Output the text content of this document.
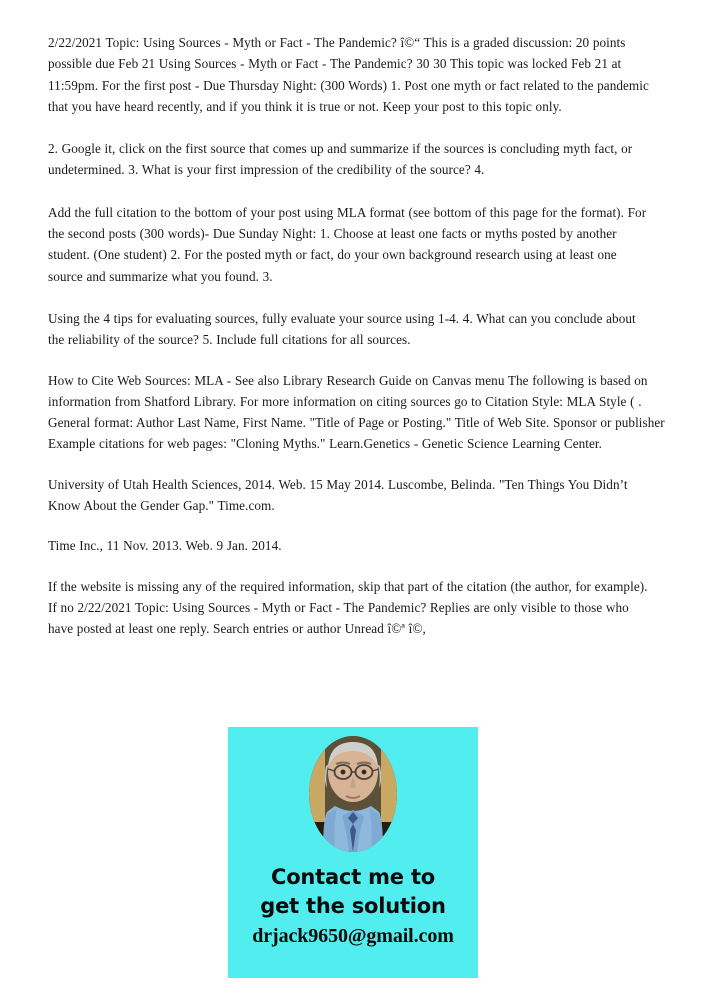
2/22/2021 Topic: Using Sources - Myth or Fact - The Pandemic? î©“ This is a graded discussion: 20 points possible due Feb 21 Using Sources - Myth or Fact - The Pandemic? 30 30 This topic was locked Feb 21 at 11:59pm. For the first post - Due Thursday Night: (300 Words) 1. Post one myth or fact related to the pandemic that you have heard recently, and if you think it is true or not. Keep your post to this topic only.

2. Google it, click on the first source that comes up and summarize if the sources is concluding myth fact, or undetermined. 3. What is your first impression of the credibility of the source? 4.

Add the full citation to the bottom of your post using MLA format (see bottom of this page for the format). For the second posts (300 words)- Due Sunday Night: 1. Choose at least one facts or myths posted by another student. (One student) 2. For the posted myth or fact, do your own background research using at least one source and summarize what you found. 3.

Using the 4 tips for evaluating sources, fully evaluate your source using 1-4. 4. What can you conclude about the reliability of the source? 5. Include full citations for all sources.

How to Cite Web Sources: MLA - See also Library Research Guide on Canvas menu The following is based on information from Shatford Library. For more information on citing sources go to Citation Style: MLA Style ( . General format: Author Last Name, First Name. "Title of Page or Posting." Title of Web Site. Sponsor or publisher Example citations for web pages: "Cloning Myths." Learn.Genetics - Genetic Science Learning Center.

University of Utah Health Sciences, 2014. Web. 15 May 2014. Luscombe, Belinda. "Ten Things You Didn’t Know About the Gender Gap." Time.com.

Time Inc., 11 Nov. 2013. Web. 9 Jan. 2014.

If the website is missing any of the required information, skip that part of the citation (the author, for example). If no 2/22/2021 Topic: Using Sources - Myth or Fact - The Pandemic? Replies are only visible to those who have posted at least one reply. Search entries or author Unread î©ª î©,

Contact me to
get the solution
drjack9650@gmail.com
